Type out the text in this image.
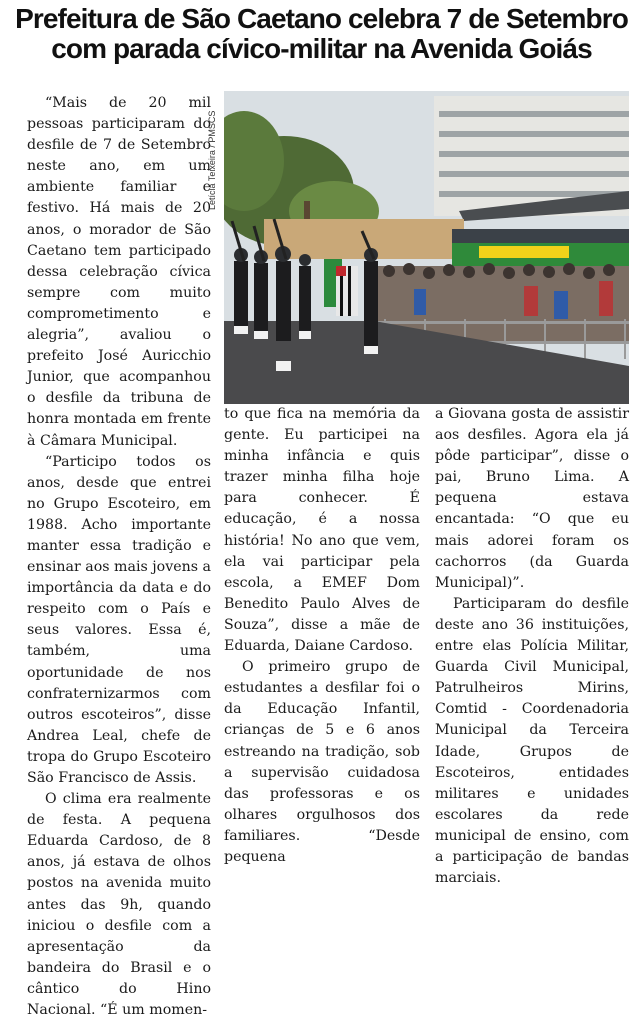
Prefeitura de São Caetano celebra 7 de Setembro
com parada cívico-militar na Avenida Goiás

“Mais de 20 mil pessoas participaram do desfile de 7 de Setembro neste ano, em um ambiente familiar e festivo. Há mais de 20 anos, o morador de São Caetano tem participado dessa celebração cívica sempre com muito comprometimento e alegria”, avaliou o prefeito José Auricchio Junior, que acompanhou o desfile da tribuna de honra montada em frente à Câmara Municipal.

“Participo todos os anos, desde que entrei no Grupo Escoteiro, em 1988. Acho importante manter essa tradição e ensinar aos mais jovens a importância da data e do respeito com o País e seus valores. Essa é, também, uma oportunidade de nos confraternizarmos com outros escoteiros”, disse Andrea Leal, chefe de tropa do Grupo Escoteiro São Francisco de Assis.

O clima era realmente de festa. A pequena Eduarda Cardoso, de 8 anos, já estava de olhos postos na avenida muito antes das 9h, quando iniciou o desfile com a apresentação da bandeira do Brasil e o cântico do Hino Nacional. “É um momen-

Letícia Teixeira / PMSCS

to que fica na memória da gente. Eu participei na minha infância e quis trazer minha filha hoje para conhecer. É educação, é a nossa história! No ano que vem, ela vai participar pela escola, a EMEF Dom Benedito Paulo Alves de Souza”, disse a mãe de Eduarda, Daiane Cardoso.

O primeiro grupo de estudantes a desfilar foi o da Educação Infantil, crianças de 5 e 6 anos estreando na tradição, sob a supervisão cuidadosa das professoras e os olhares orgulhosos dos familiares. “Desde pequena

a Giovana gosta de assistir aos desfiles. Agora ela já pôde participar”, disse o pai, Bruno Lima. A pequena estava encantada: “O que eu mais adorei foram os cachorros (da Guarda Municipal)”.

Participaram do desfile deste ano 36 instituições, entre elas Polícia Militar, Guarda Civil Municipal, Patrulheiros Mirins, Comtid - Coordenadoria Municipal da Terceira Idade, Grupos de Escoteiros, entidades militares e unidades escolares da rede municipal de ensino, com a participação de bandas marciais.
